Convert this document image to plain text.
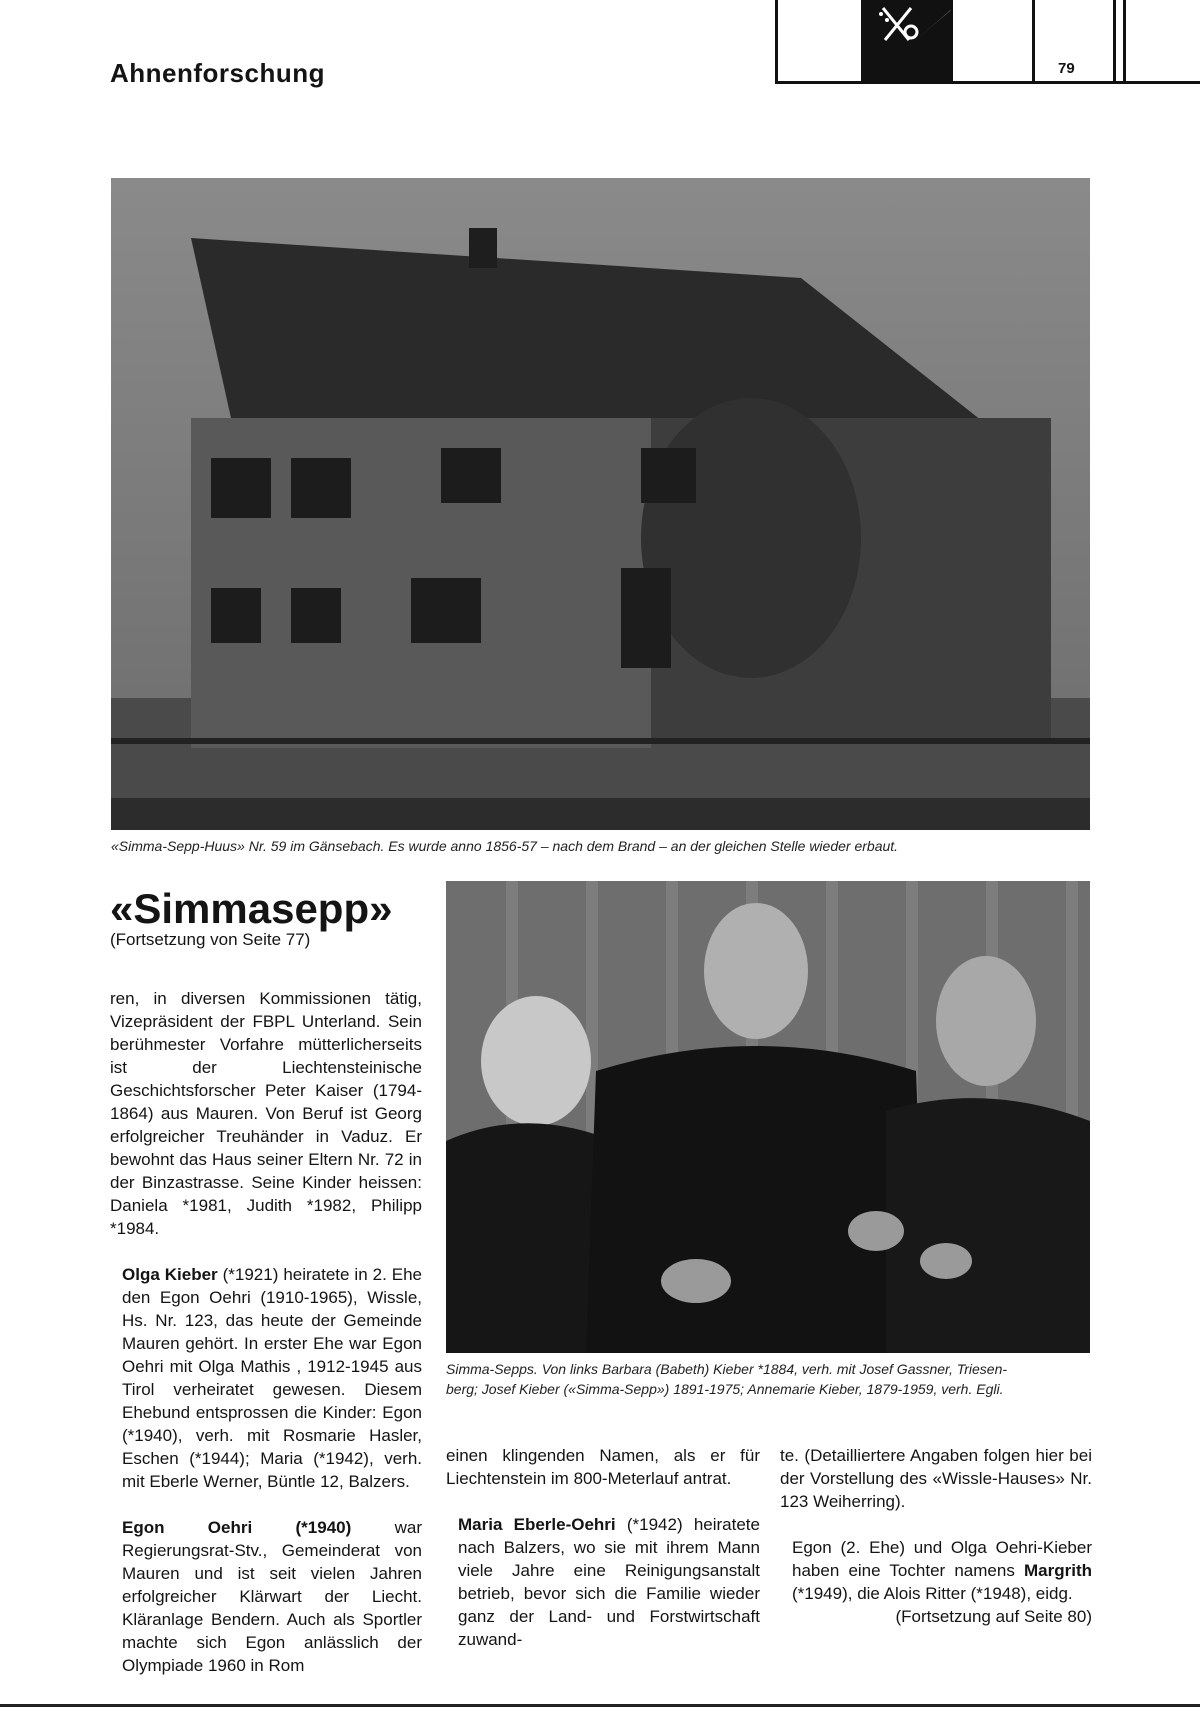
Ahnenforschung	79
«Simma-Sepp-Huus» Nr. 59 im Gänsebach. Es wurde anno 1856-57 – nach dem Brand – an der gleichen Stelle wieder erbaut.
«Simmasepp»
(Fortsetzung von Seite 77)
Simma-Sepps. Von links Barbara (Babeth) Kieber *1884, verh. mit Josef Gassner, Triesen-
berg; Josef Kieber («Simma-Sepp») 1891-1975; Annemarie Kieber, 1879-1959, verh. Egli.

ren, in diversen Kommissionen tätig, Vizepräsident der FBPL Unterland. Sein berühmester Vorfahre mütterlicherseits ist der Liechtensteinische Geschichtsforscher Peter Kaiser (1794-1864) aus Mauren. Von Beruf ist Georg erfolgreicher Treuhänder in Vaduz. Er bewohnt das Haus seiner Eltern Nr. 72 in der Binzastrasse. Seine Kinder heissen: Daniela *1981, Judith *1982, Philipp *1984.

Olga Kieber (*1921) heiratete in 2. Ehe den Egon Oehri (1910-1965), Wissle, Hs. Nr. 123, das heute der Gemeinde Mauren gehört. In erster Ehe war Egon Oehri mit Olga Mathis , 1912-1945 aus Tirol verheiratet gewesen. Diesem Ehebund entsprossen die Kinder: Egon (*1940), verh. mit Rosmarie Hasler, Eschen (*1944); Maria (*1942), verh. mit Eberle Werner, Büntle 12, Balzers.

Egon Oehri (*1940) war Regierungsrat-Stv., Gemeinderat von Mauren und ist seit vielen Jahren erfolgreicher Klärwart der Liecht. Kläranlage Bendern. Auch als Sportler machte sich Egon anlässlich der Olympiade 1960 in Rom

einen klingenden Namen, als er für Liechtenstein im 800-Meterlauf antrat.

Maria Eberle-Oehri (*1942) heiratete nach Balzers, wo sie mit ihrem Mann viele Jahre eine Reinigungsanstalt betrieb, bevor sich die Familie wieder ganz der Land- und Forstwirtschaft zuwand-

te. (Detailliertere Angaben folgen hier bei der Vorstellung des «Wissle-Hauses» Nr. 123 Weiherring).

Egon (2. Ehe) und Olga Oehri-Kieber haben eine Tochter namens Margrith (*1949), die Alois Ritter (*1948), eidg.

(Fortsetzung auf Seite 80)
